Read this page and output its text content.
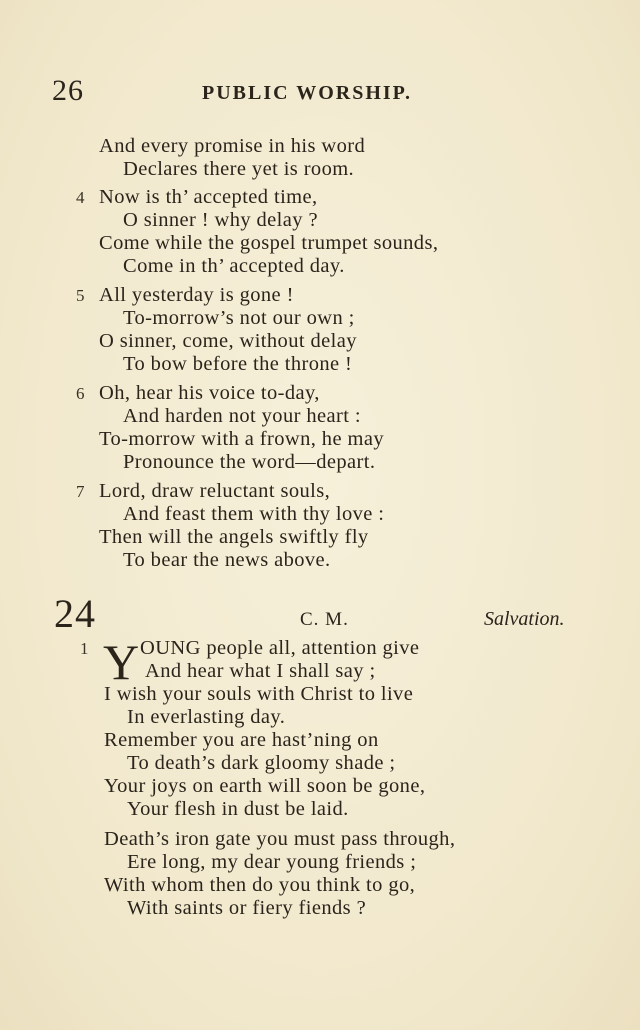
26	PUBLIC WORSHIP.
And every promise in his word
Declares there yet is room.
4 Now is th’ accepted time,
O sinner ! why delay ?
Come while the gospel trumpet sounds,
Come in th’ accepted day.
5 All yesterday is gone !
To-morrow’s not our own ;
O sinner, come, without delay
To bow before the throne !
6 Oh, hear his voice to-day,
And harden not your heart :
To-morrow with a frown, he may
Pronounce the word—depart.
7 Lord, draw reluctant souls,
And feast them with thy love :
Then will the angels swiftly fly
To bear the news above.
24	C. M.	Salvation.
1 Y OUNG people all, attention give
And hear what I shall say ;
I wish your souls with Christ to live
In everlasting day.
Remember you are hast’ning on
To death’s dark gloomy shade ;
Your joys on earth will soon be gone,
Your flesh in dust be laid.
Death’s iron gate you must pass through,
Ere long, my dear young friends ;
With whom then do you think to go,
With saints or fiery fiends ?
